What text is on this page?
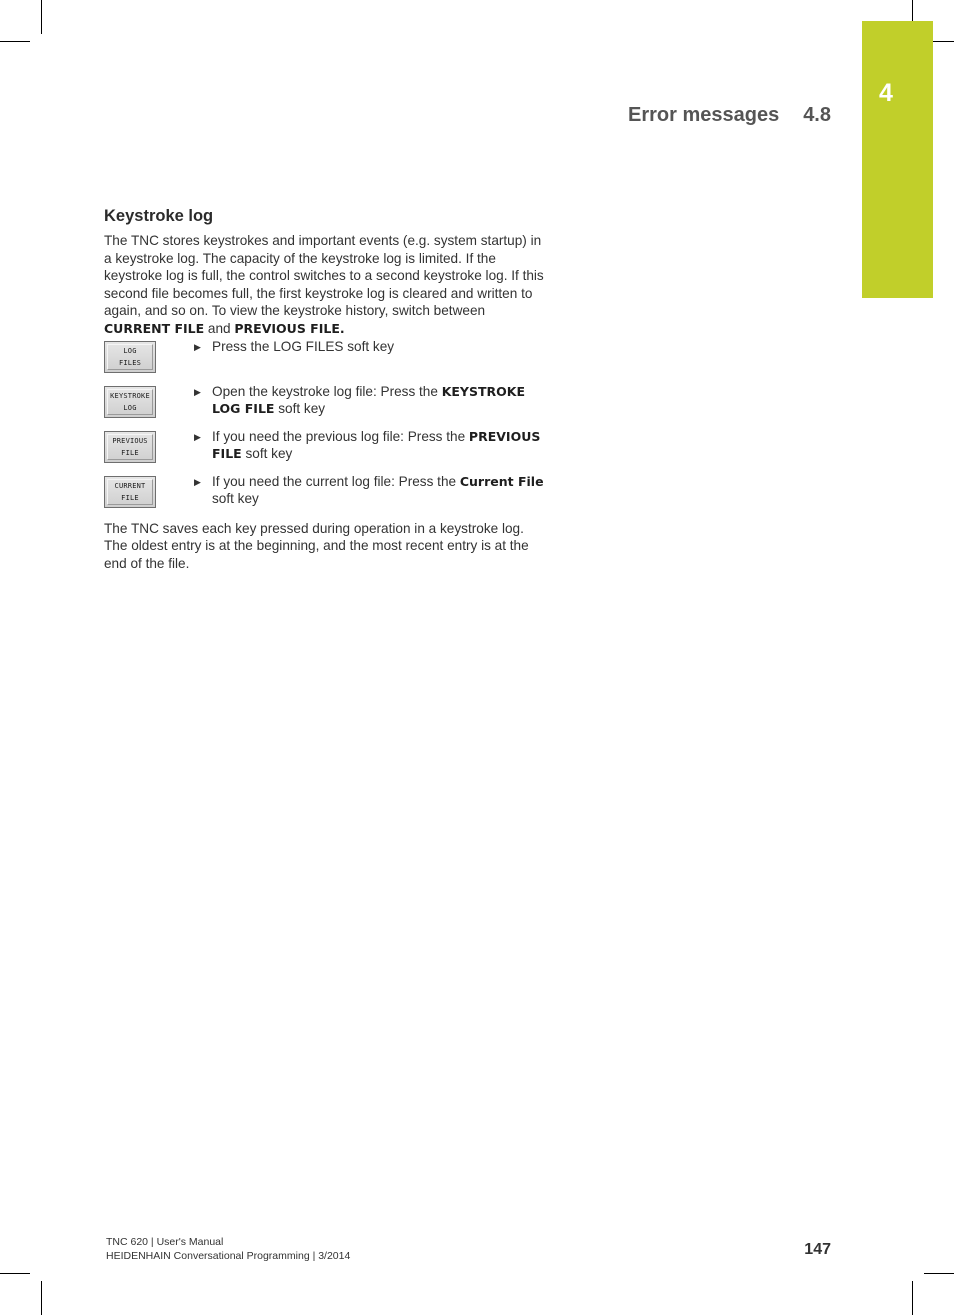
4
Error messages 4.8
Keystroke log

The TNC stores keystrokes and important events (e.g. system startup) in a keystroke log. The capacity of the keystroke log is limited. If the keystroke log is full, the control switches to a second keystroke log. If this second file becomes full, the first keystroke log is cleared and written to again, and so on. To view the keystroke history, switch between CURRENT FILE and PREVIOUS FILE.

LOG
FILES
▶ Press the LOG FILES soft key
KEYSTROKE
LOG
▶ Open the keystroke log file: Press the KEYSTROKE LOG FILE soft key
PREVIOUS
FILE
▶ If you need the previous log file: Press the PREVIOUS FILE soft key
CURRENT
FILE
▶ If you need the current log file: Press the Current File soft key

The TNC saves each key pressed during operation in a keystroke log. The oldest entry is at the beginning, and the most recent entry is at the end of the file.

TNC 620 | User's Manual
HEIDENHAIN Conversational Programming | 3/2014	147
